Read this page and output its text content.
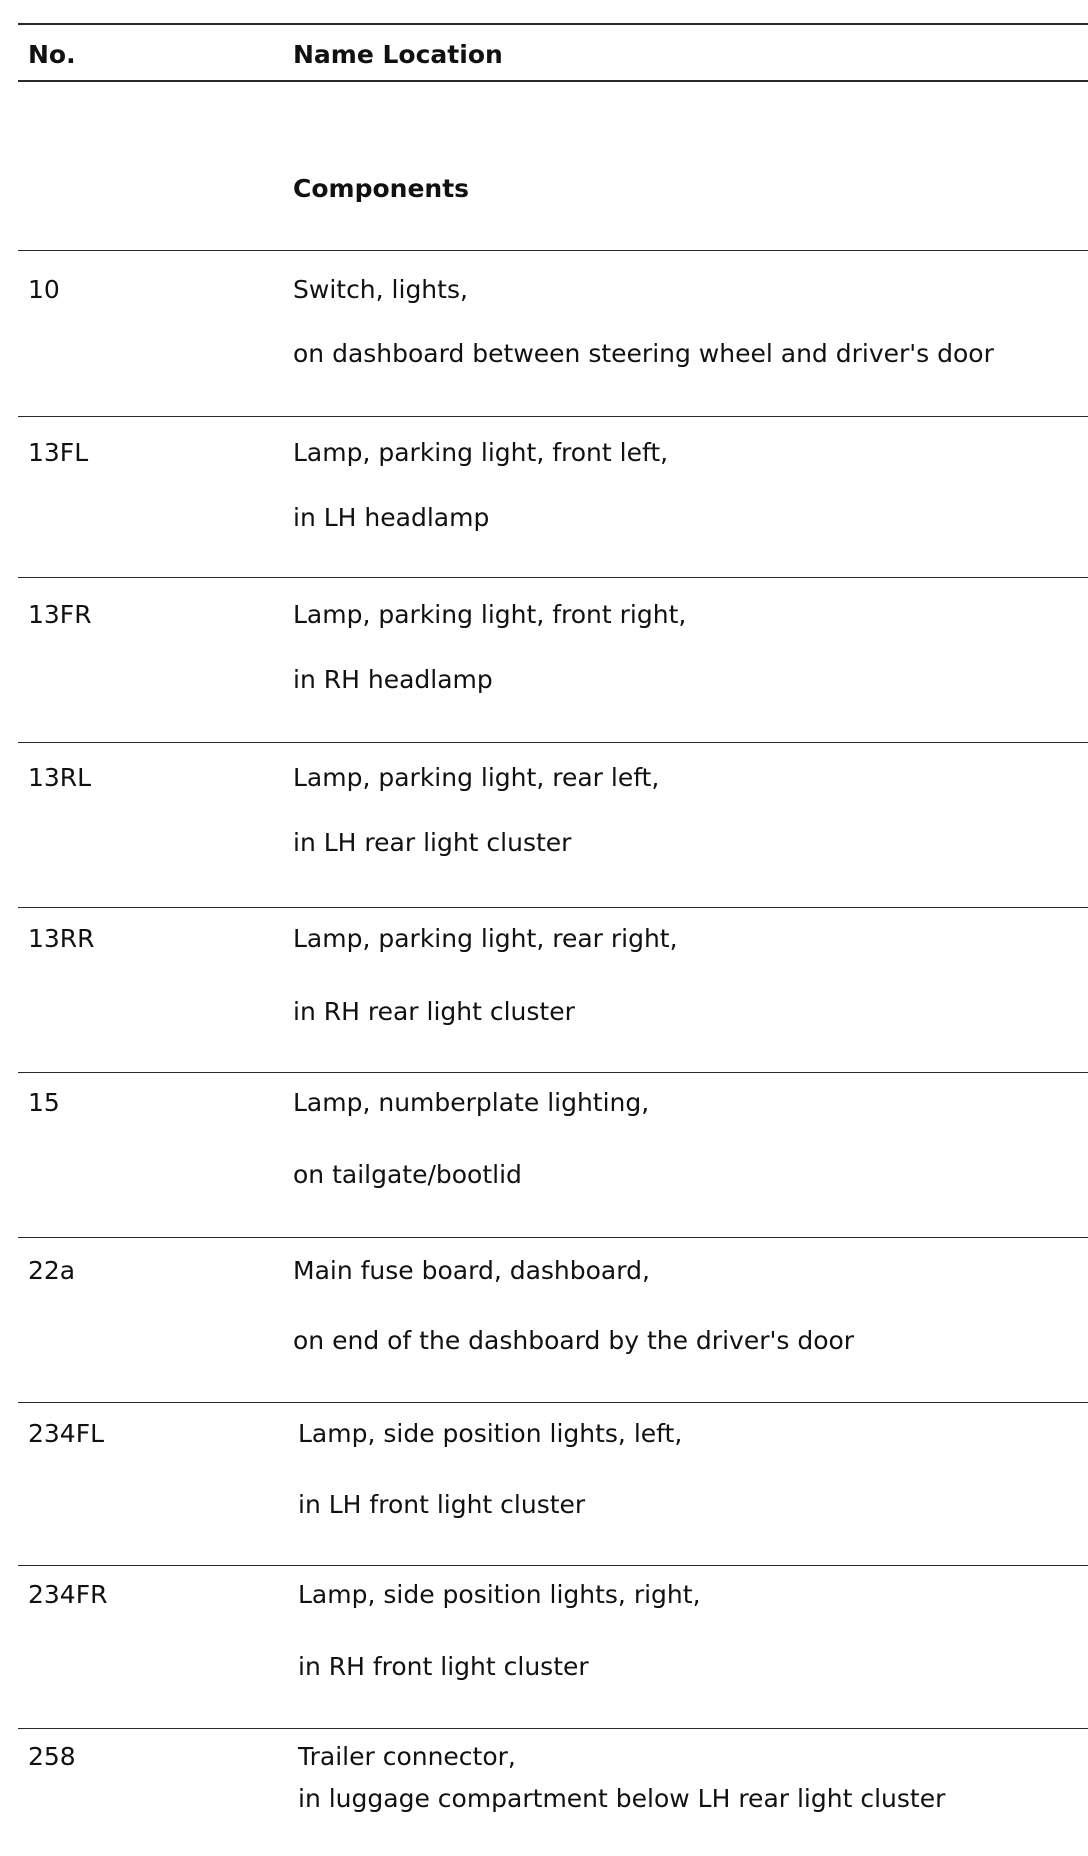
No.	Name Location
Components
10	Switch, lights,
on dashboard between steering wheel and driver's door
13FL	Lamp, parking light, front left,
in LH headlamp
13FR	Lamp, parking light, front right,
in RH headlamp
13RL	Lamp, parking light, rear left,
in LH rear light cluster
13RR	Lamp, parking light, rear right,
in RH rear light cluster
15	Lamp, numberplate lighting,
on tailgate/bootlid
22a	Main fuse board, dashboard,
on end of the dashboard by the driver's door
234FL	Lamp, side position lights, left,
in LH front light cluster
234FR	Lamp, side position lights, right,
in RH front light cluster
258	Trailer connector,
in luggage compartment below LH rear light cluster
